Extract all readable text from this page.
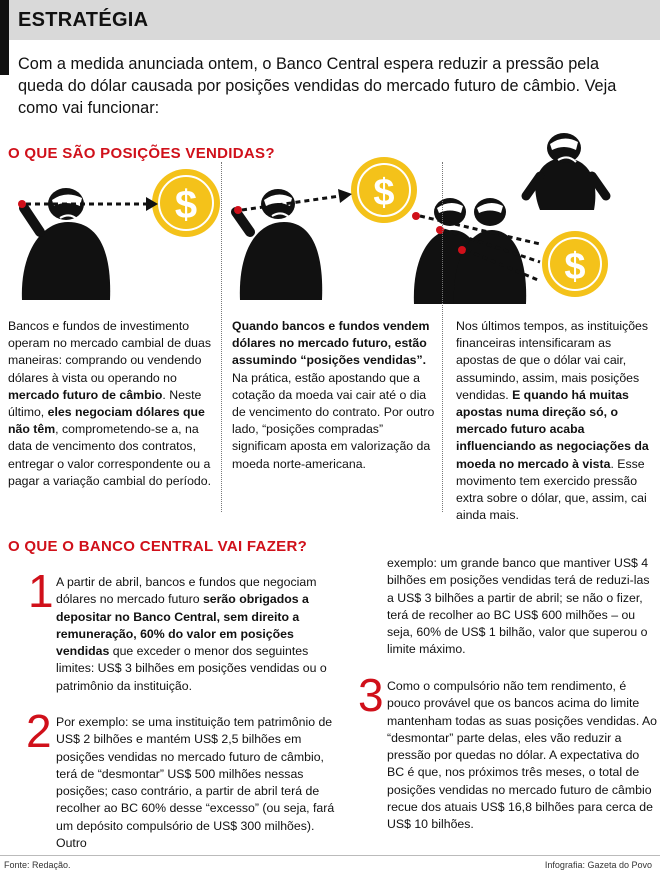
ESTRATÉGIA
Com a medida anunciada ontem, o Banco Central espera reduzir a pressão pela queda do dólar causada por posições vendidas do mercado futuro de câmbio. Veja como vai funcionar:
O QUE SÃO POSIÇÕES VENDIDAS?
$	$
$
Bancos e fundos de investimento operam no mercado cambial de duas maneiras: comprando ou vendendo dólares à vista ou operando no mercado futuro de câmbio. Neste último, eles negociam dólares que não têm, comprometendo-se a, na data de vencimento dos contratos, entregar o valor correspondente ou a pagar a variação cambial do período.
Quando bancos e fundos vendem dólares no mercado futuro, estão assumindo “posições vendidas”. Na prática, estão apostando que a cotação da moeda vai cair até o dia de vencimento do contrato. Por outro lado, “posições compradas” significam aposta em valorização da moeda norte-americana.
Nos últimos tempos, as instituições financeiras intensificaram as apostas de que o dólar vai cair, assumindo, assim, mais posições vendidas. E quando há muitas apostas numa direção só, o mercado futuro acaba influenciando as negociações da moeda no mercado à vista. Esse movimento tem exercido pressão extra sobre o dólar, que, assim, cai ainda mais.
O QUE O BANCO CENTRAL VAI FAZER?
1 A partir de abril, bancos e fundos que negociam dólares no mercado futuro serão obrigados a depositar no Banco Central, sem direito a remuneração, 60% do valor em posições vendidas que exceder o menor dos seguintes limites: US$ 3 bilhões em posições vendidas ou o patrimônio da instituição.
2 Por exemplo: se uma instituição tem patrimônio de US$ 2 bilhões e mantém US$ 2,5 bilhões em posições vendidas no mercado futuro de câmbio, terá de “desmontar” US$ 500 milhões nessas posições; caso contrário, a partir de abril terá de recolher ao BC 60% desse “excesso” (ou seja, fará um depósito compulsório de US$ 300 milhões). Outro
exemplo: um grande banco que mantiver US$ 4 bilhões em posições vendidas terá de reduzi-las a US$ 3 bilhões a partir de abril; se não o fizer, terá de recolher ao BC US$ 600 milhões – ou seja, 60% de US$ 1 bilhão, valor que superou o limite máximo.
3 Como o compulsório não tem rendimento, é pouco provável que os bancos acima do limite mantenham todas as suas posições vendidas. Ao “desmontar” parte delas, eles vão reduzir a pressão por quedas no dólar. A expectativa do BC é que, nos próximos três meses, o total de posições vendidas no mercado futuro de câmbio recue dos atuais US$ 16,8 bilhões para cerca de US$ 10 bilhões.
Fonte: Redação.	Infografia: Gazeta do Povo
